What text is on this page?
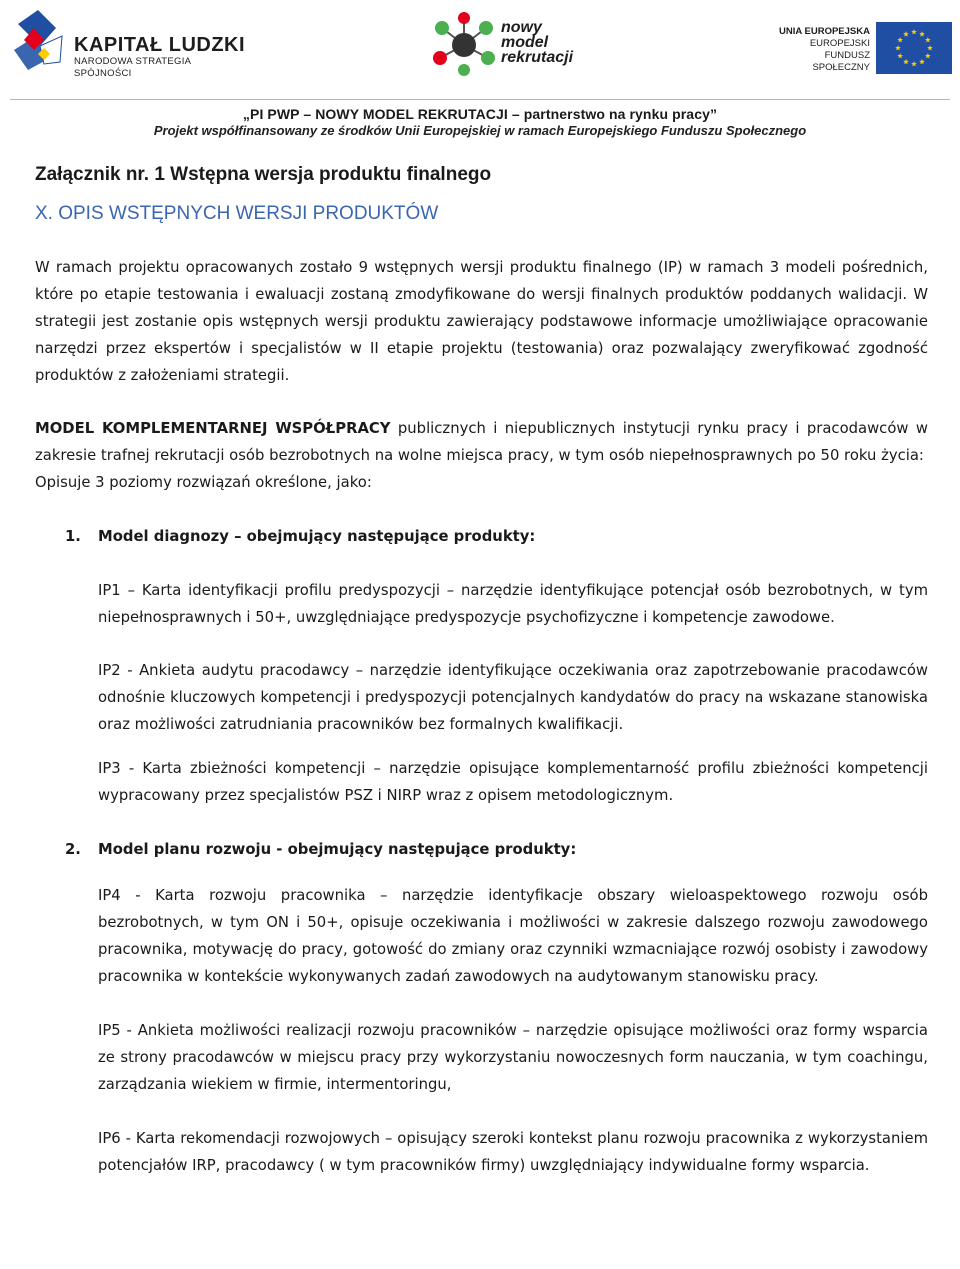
KAPITAŁ LUDZKI
NARODOWA STRATEGIA SPÓJNOŚCI
nowy
model
rekrutacji
UNIA EUROPEJSKA
EUROPEJSKI
FUNDUSZ SPOŁECZNY
„PI PWP – NOWY MODEL REKRUTACJI – partnerstwo na rynku pracy”
Projekt współfinansowany ze środków Unii Europejskiej w ramach Europejskiego Funduszu Społecznego
Załącznik nr. 1 Wstępna wersja produktu finalnego
X. OPIS WSTĘPNYCH WERSJI PRODUKTÓW

W ramach projektu opracowanych zostało 9 wstępnych wersji produktu finalnego (IP) w ramach 3 modeli pośrednich, które po etapie testowania i ewaluacji zostaną zmodyfikowane do wersji finalnych produktów poddanych walidacji. W strategii jest zostanie opis wstępnych wersji produktu zawierający podstawowe informacje umożliwiające opracowanie narzędzi przez ekspertów i specjalistów w II etapie projektu (testowania) oraz pozwalający zweryfikować zgodność produktów z założeniami strategii.

MODEL KOMPLEMENTARNEJ WSPÓŁPRACY publicznych i niepublicznych instytucji rynku pracy i pracodawców w zakresie trafnej rekrutacji osób bezrobotnych na wolne miejsca pracy, w tym osób niepełnosprawnych po 50 roku życia:

Opisuje 3 poziomy rozwiązań określone, jako:

1.	Model diagnozy – obejmujący następujące produkty:

IP1 – Karta identyfikacji profilu predyspozycji – narzędzie identyfikujące potencjał osób bezrobotnych, w tym niepełnosprawnych i 50+, uwzględniające predyspozycje psychofizyczne i kompetencje zawodowe.

IP2 - Ankieta audytu pracodawcy – narzędzie identyfikujące oczekiwania oraz zapotrzebowanie pracodawców odnośnie kluczowych kompetencji i predyspozycji potencjalnych kandydatów do pracy na wskazane stanowiska oraz możliwości zatrudniania pracowników bez formalnych kwalifikacji.

IP3 - Karta zbieżności kompetencji – narzędzie opisujące komplementarność profilu zbieżności kompetencji wypracowany przez specjalistów PSZ i NIRP wraz z opisem metodologicznym.

2.	Model planu rozwoju - obejmujący następujące produkty:

IP4 - Karta rozwoju pracownika – narzędzie identyfikacje obszary wieloaspektowego rozwoju osób bezrobotnych, w tym ON i 50+, opisuje oczekiwania i możliwości w zakresie dalszego rozwoju zawodowego pracownika, motywację do pracy, gotowość do zmiany oraz czynniki wzmacniające rozwój osobisty i zawodowy pracownika w kontekście wykonywanych zadań zawodowych na audytowanym stanowisku pracy.

IP5 - Ankieta możliwości realizacji rozwoju pracowników – narzędzie opisujące możliwości oraz formy wsparcia ze strony pracodawców w miejscu pracy przy wykorzystaniu nowoczesnych form nauczania, w tym coachingu, zarządzania wiekiem w firmie, intermentoringu,

IP6 - Karta rekomendacji rozwojowych – opisujący szeroki kontekst planu rozwoju pracownika z wykorzystaniem potencjałów IRP, pracodawcy ( w tym pracowników firmy) uwzględniający indywidualne formy wsparcia.
